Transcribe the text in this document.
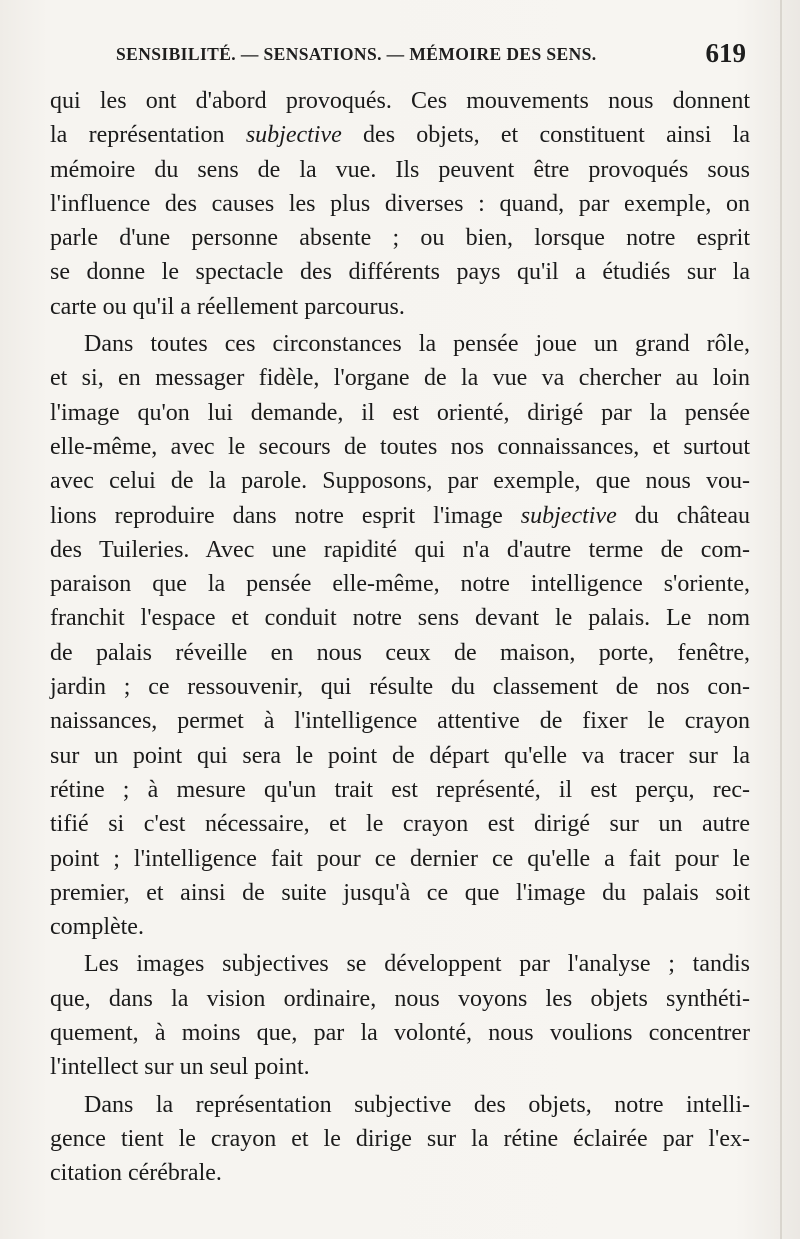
SENSIBILITÉ. — SENSATIONS. — MÉMOIRE DES SENS.	619
qui les ont d'abord provoqués. Ces mouvements nous donnent
la représentation subjective des objets, et constituent ainsi la
mémoire du sens de la vue. Ils peuvent être provoqués sous
l'influence des causes les plus diverses : quand, par exemple, on
parle d'une personne absente ; ou bien, lorsque notre esprit
se donne le spectacle des différents pays qu'il a étudiés sur la
carte ou qu'il a réellement parcourus.
Dans toutes ces circonstances la pensée joue un grand rôle,
et si, en messager fidèle, l'organe de la vue va chercher au loin
l'image qu'on lui demande, il est orienté, dirigé par la pensée
elle-même, avec le secours de toutes nos connaissances, et surtout
avec celui de la parole. Supposons, par exemple, que nous vou-
lions reproduire dans notre esprit l'image subjective du château
des Tuileries. Avec une rapidité qui n'a d'autre terme de com-
paraison que la pensée elle-même, notre intelligence s'oriente,
franchit l'espace et conduit notre sens devant le palais. Le nom
de palais réveille en nous ceux de maison, porte, fenêtre,
jardin ; ce ressouvenir, qui résulte du classement de nos con-
naissances, permet à l'intelligence attentive de fixer le crayon
sur un point qui sera le point de départ qu'elle va tracer sur la
rétine ; à mesure qu'un trait est représenté, il est perçu, rec-
tifié si c'est nécessaire, et le crayon est dirigé sur un autre
point ; l'intelligence fait pour ce dernier ce qu'elle a fait pour le
premier, et ainsi de suite jusqu'à ce que l'image du palais soit
complète.
Les images subjectives se développent par l'analyse ; tandis
que, dans la vision ordinaire, nous voyons les objets synthéti-
quement, à moins que, par la volonté, nous voulions concentrer
l'intellect sur un seul point.
Dans la représentation subjective des objets, notre intelli-
gence tient le crayon et le dirige sur la rétine éclairée par l'ex-
citation cérébrale.
